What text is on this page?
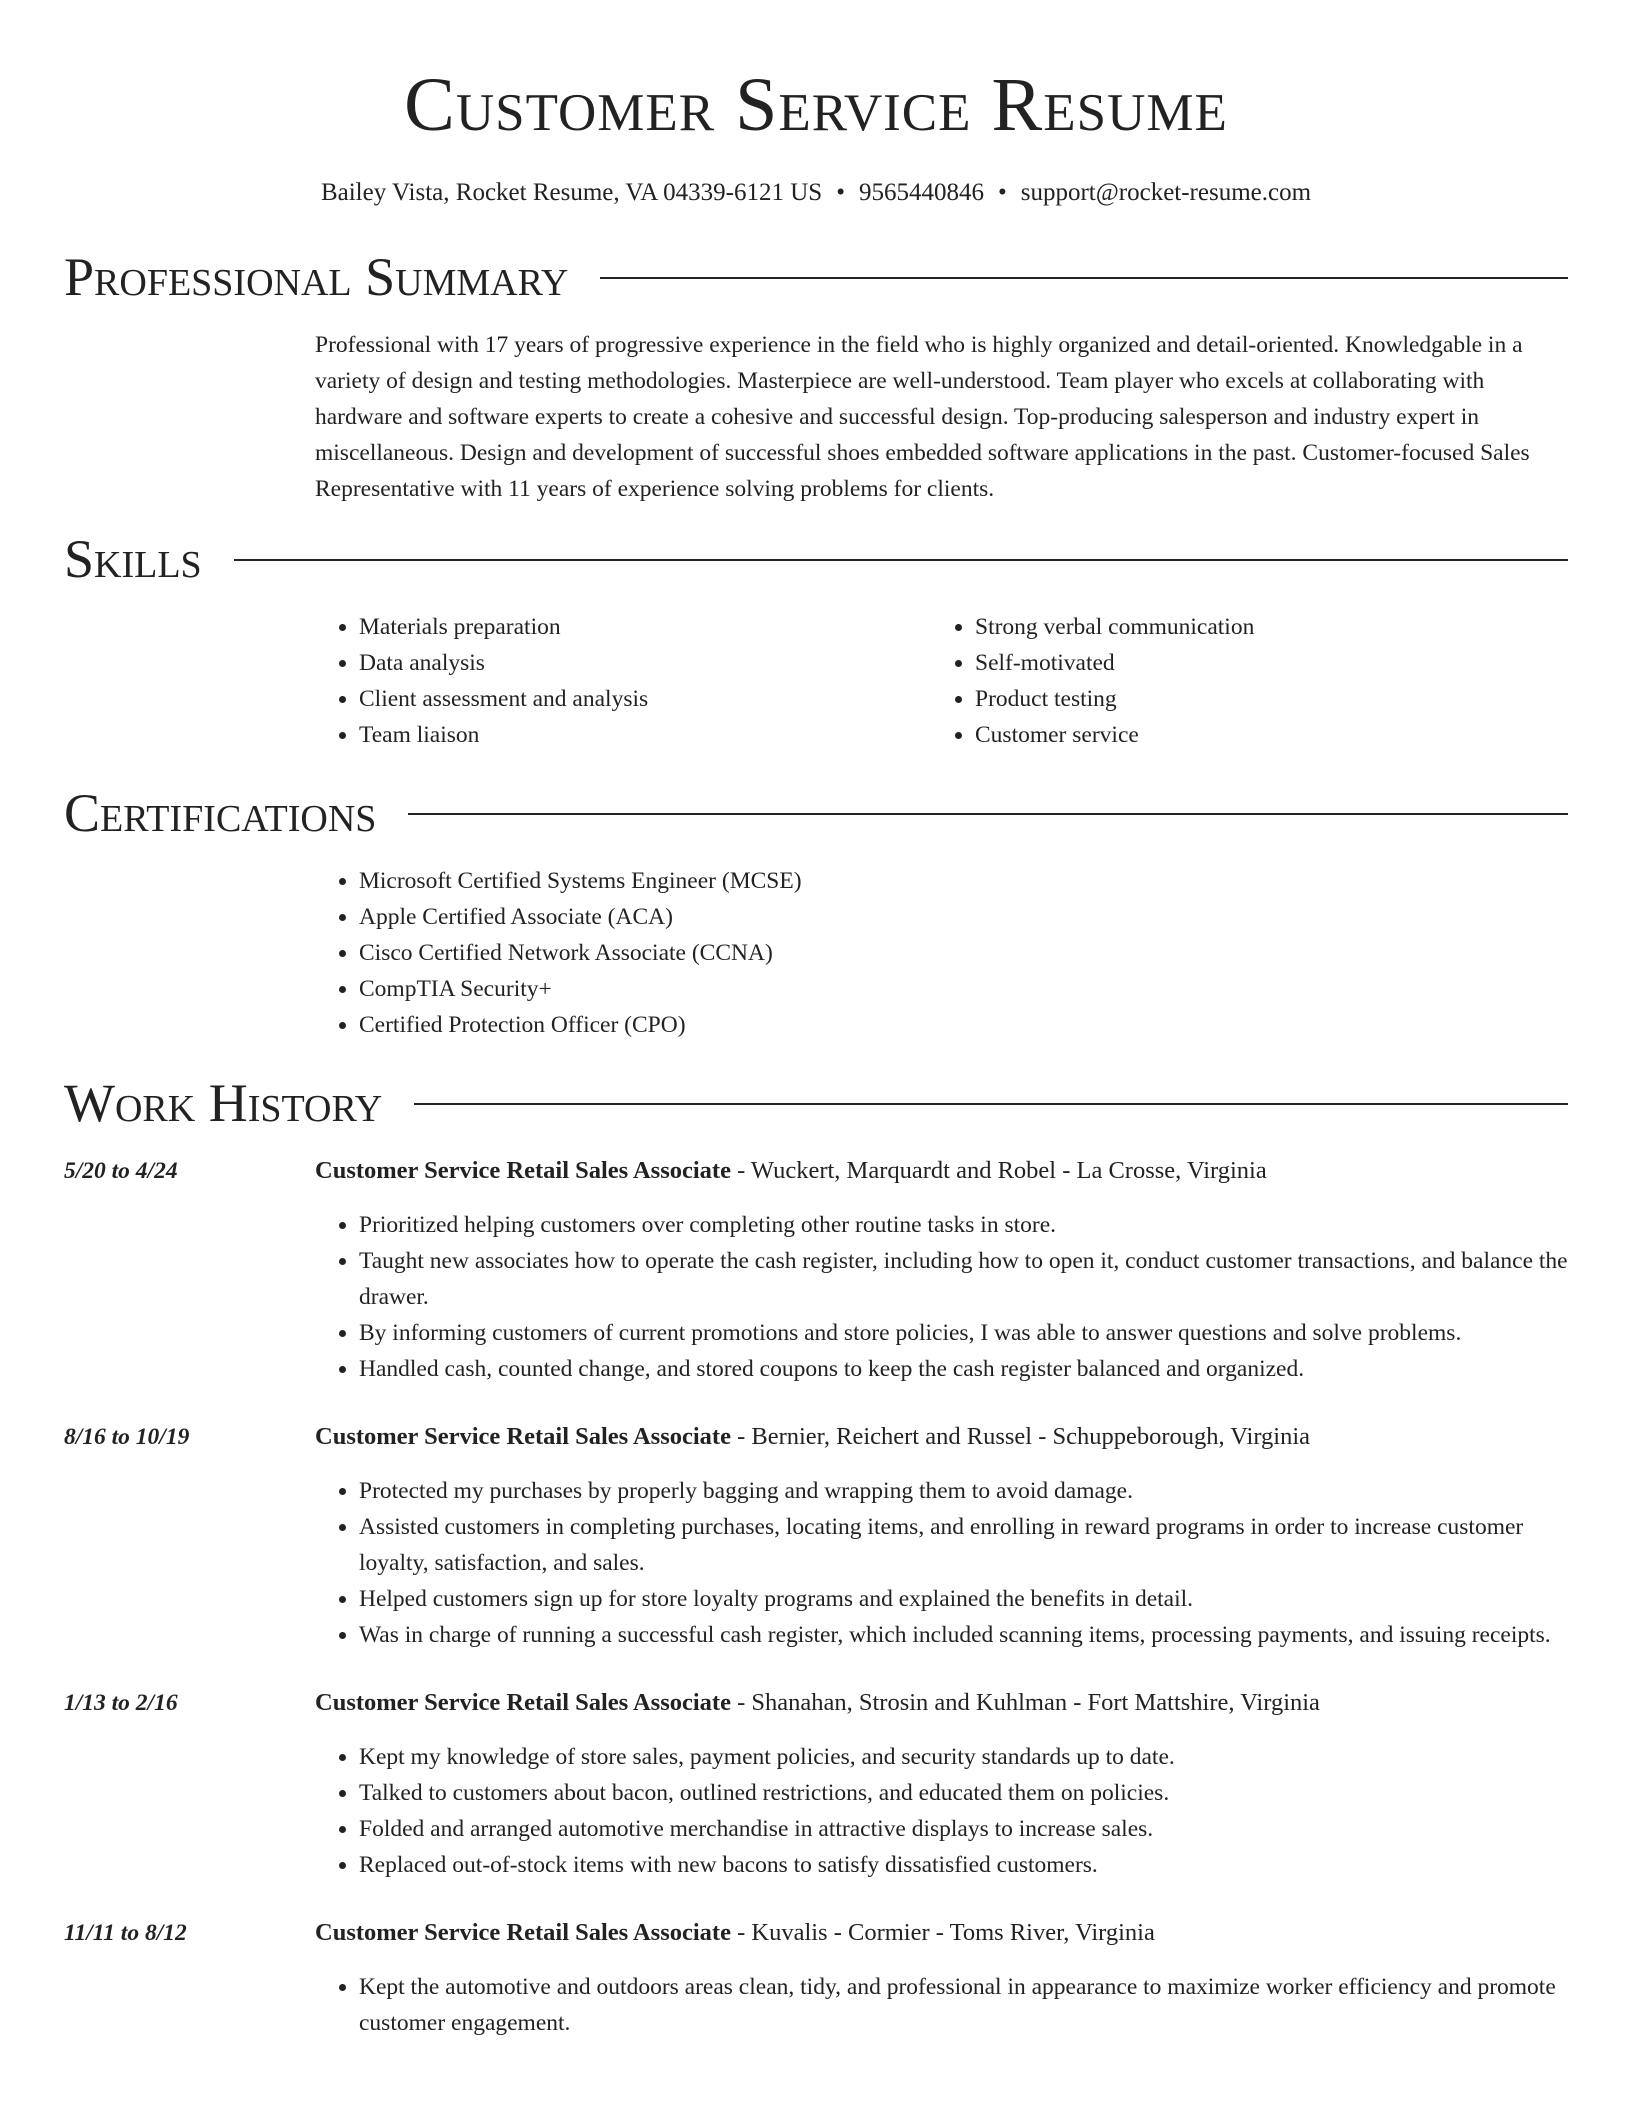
Customer Service Resume
Bailey Vista, Rocket Resume, VA 04339-6121 US • 9565440846 • support@rocket-resume.com
Professional Summary

Professional with 17 years of progressive experience in the field who is highly organized and detail-oriented. Knowledgable in a variety of design and testing methodologies. Masterpiece are well-understood. Team player who excels at collaborating with hardware and software experts to create a cohesive and successful design. Top-producing salesperson and industry expert in miscellaneous. Design and development of successful shoes embedded software applications in the past. Customer-focused Sales Representative with 11 years of experience solving problems for clients.

Skills
• Materials preparation
• Data analysis
• Client assessment and analysis
• Team liaison
• Strong verbal communication
• Self-motivated
• Product testing
• Customer service
Certifications
• Microsoft Certified Systems Engineer (MCSE)
• Apple Certified Associate (ACA)
• Cisco Certified Network Associate (CCNA)
• CompTIA Security+
• Certified Protection Officer (CPO)
Work History
5/20 to 4/24	Customer Service Retail Sales Associate - Wuckert, Marquardt and Robel - La Crosse, Virginia
• Prioritized helping customers over completing other routine tasks in store.
• Taught new associates how to operate the cash register, including how to open it, conduct customer transactions, and balance the drawer.
• By informing customers of current promotions and store policies, I was able to answer questions and solve problems.
• Handled cash, counted change, and stored coupons to keep the cash register balanced and organized.
8/16 to 10/19	Customer Service Retail Sales Associate - Bernier, Reichert and Russel - Schuppeborough, Virginia
• Protected my purchases by properly bagging and wrapping them to avoid damage.
• Assisted customers in completing purchases, locating items, and enrolling in reward programs in order to increase customer loyalty, satisfaction, and sales.
• Helped customers sign up for store loyalty programs and explained the benefits in detail.
• Was in charge of running a successful cash register, which included scanning items, processing payments, and issuing receipts.
1/13 to 2/16	Customer Service Retail Sales Associate - Shanahan, Strosin and Kuhlman - Fort Mattshire, Virginia
• Kept my knowledge of store sales, payment policies, and security standards up to date.
• Talked to customers about bacon, outlined restrictions, and educated them on policies.
• Folded and arranged automotive merchandise in attractive displays to increase sales.
• Replaced out-of-stock items with new bacons to satisfy dissatisfied customers.
11/11 to 8/12	Customer Service Retail Sales Associate - Kuvalis - Cormier - Toms River, Virginia
• Kept the automotive and outdoors areas clean, tidy, and professional in appearance to maximize worker efficiency and promote customer engagement.
